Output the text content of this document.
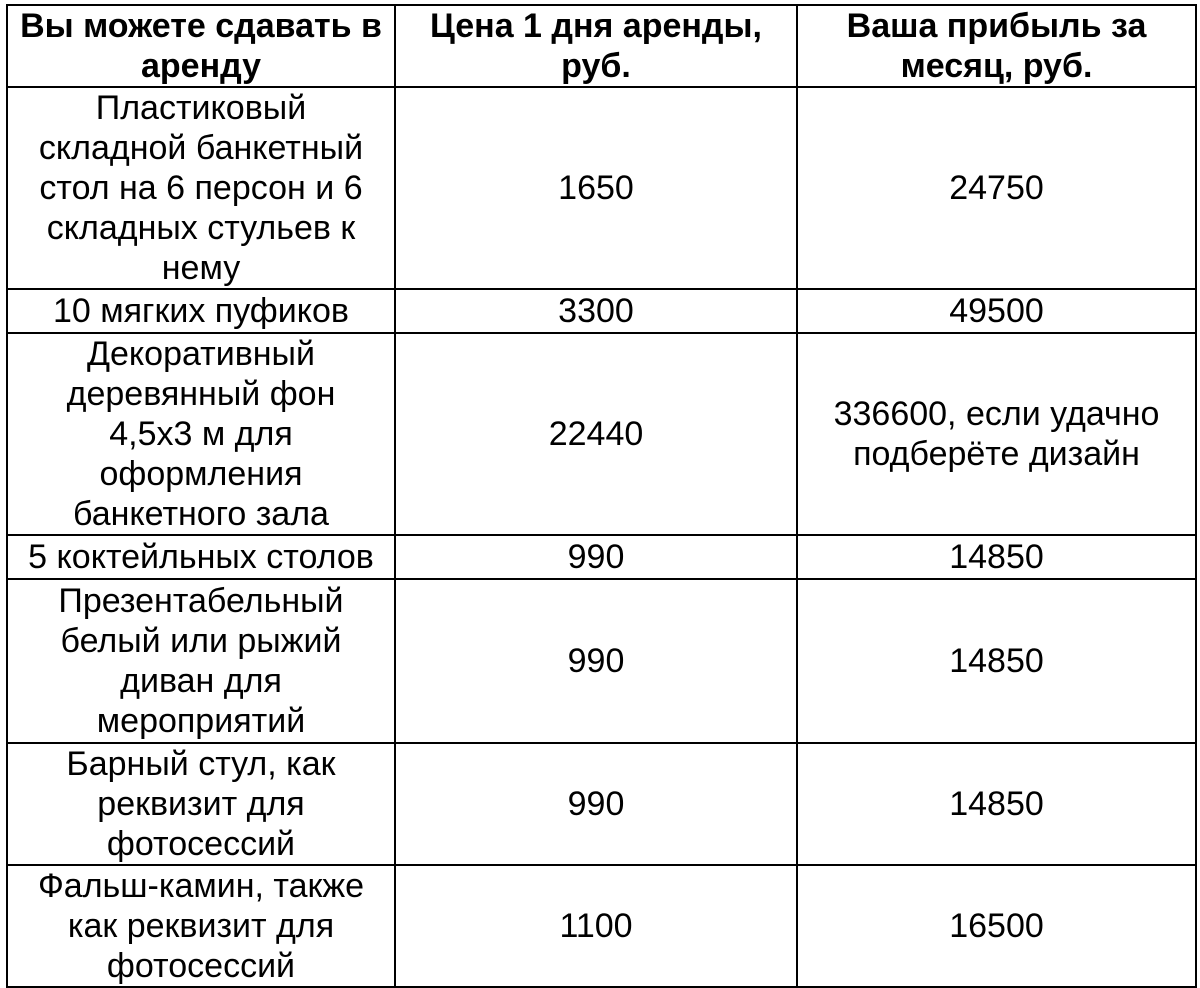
Вы можете сдавать в аренду	Цена 1 дня аренды, руб.	Ваша прибыль за месяц, руб.

Пластиковый складной банкетный стол на 6 персон и 6 складных стульев к нему	1650	24750

10 мягких пуфиков	3300	49500

Декоративный деревянный фон 4,5х3 м для оформления банкетного зала	22440	336600, если удачно подберёте дизайн

5 коктейльных столов	990	14850

Презентабельный белый или рыжий диван для мероприятий	990	14850

Барный стул, как реквизит для фотосессий	990	14850

Фальш-камин, также как реквизит для фотосессий	1100	16500
